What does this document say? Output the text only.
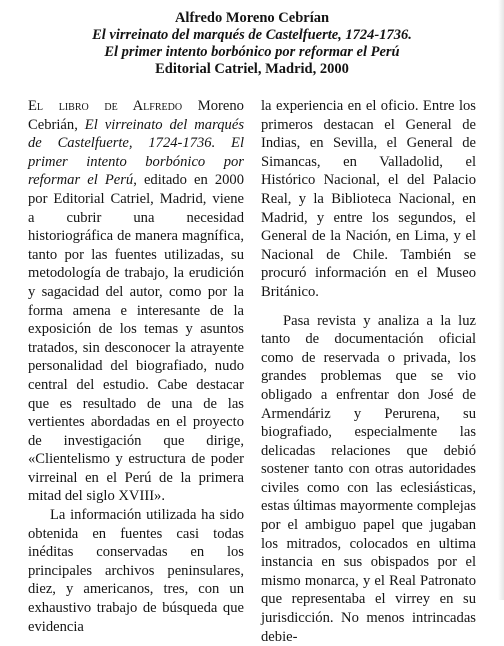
Alfredo Moreno Cebrían
El virreinato del marqués de Castelfuerte, 1724-1736.
El primer intento borbónico por reformar el Perú
Editorial Catriel, Madrid, 2000

El libro de Alfredo Moreno Cebrián, El virreinato del marqués de Castelfuerte, 1724-1736. El primer intento borbónico por reformar el Perú, editado en 2000 por Editorial Catriel, Madrid, viene a cubrir una necesidad historiográfica de manera magnífica, tanto por las fuentes utilizadas, su metodología de trabajo, la erudición y sagacidad del autor, como por la forma amena e interesante de la exposición de los temas y asuntos tratados, sin desconocer la atrayente personalidad del biografiado, nudo central del estudio. Cabe destacar que es resultado de una de las vertientes abordadas en el proyecto de investigación que dirige, «Clientelismo y estructura de poder virreinal en el Perú de la primera mitad del siglo XVIII».

La información utilizada ha sido obtenida en fuentes casi todas inéditas conservadas en los principales archivos peninsulares, diez, y americanos, tres, con un exhaustivo trabajo de búsqueda que evidencia

la experiencia en el oficio. Entre los primeros destacan el General de Indias, en Sevilla, el General de Simancas, en Valladolid, el Histórico Nacional, el del Palacio Real, y la Biblioteca Nacional, en Madrid, y entre los segundos, el General de la Nación, en Lima, y el Nacional de Chile. También se procuró información en el Museo Británico.

Pasa revista y analiza a la luz tanto de documentación oficial como de reservada o privada, los grandes problemas que se vio obligado a enfrentar don José de Armendáriz y Perurena, su biografiado, especialmente las delicadas relaciones que debió sostener tanto con otras autoridades civiles como con las eclesiásticas, estas últimas mayormente complejas por el ambiguo papel que jugaban los mitrados, colocados en ultima instancia en sus obispados por el mismo monarca, y el Real Patronato que representaba el virrey en su jurisdicción. No menos intrincadas debie-
